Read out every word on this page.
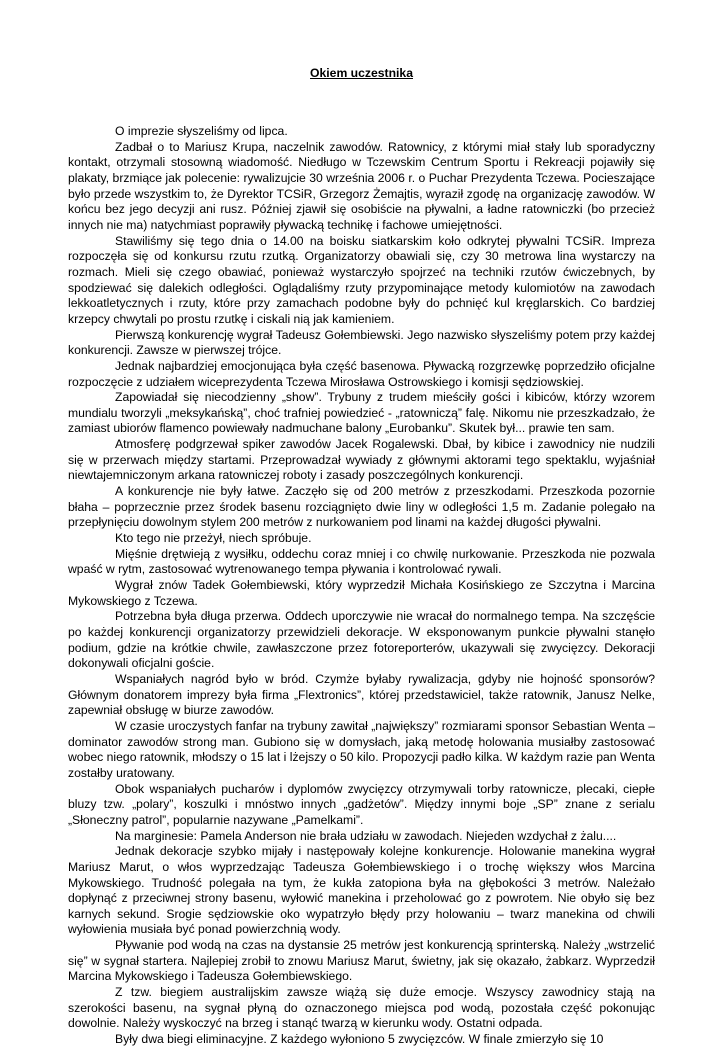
Okiem uczestnika

O imprezie słyszeliśmy od lipca.

Zadbał o to Mariusz Krupa, naczelnik zawodów. Ratownicy, z którymi miał stały lub sporadyczny kontakt, otrzymali stosowną wiadomość. Niedługo w Tczewskim Centrum Sportu i Rekreacji pojawiły się plakaty, brzmiące jak polecenie: rywalizujcie 30 września 2006 r. o Puchar Prezydenta Tczewa. Pocieszające było przede wszystkim to, że Dyrektor TCSiR, Grzegorz Żemajtis, wyraził zgodę na organizację zawodów. W końcu bez jego decyzji ani rusz. Później zjawił się osobiście na pływalni, a ładne ratowniczki (bo przecież innych nie ma) natychmiast poprawiły pływacką technikę i fachowe umiejętności.

Stawiliśmy się tego dnia o 14.00 na boisku siatkarskim koło odkrytej pływalni TCSiR. Impreza rozpoczęła się od konkursu rzutu rzutką. Organizatorzy obawiali się, czy 30 metrowa lina wystarczy na rozmach. Mieli się czego obawiać, ponieważ wystarczyło spojrzeć na techniki rzutów ćwiczebnych, by spodziewać się dalekich odległości. Oglądaliśmy rzuty przypominające metody kulomiotów na zawodach lekkoatletycznych i rzuty, które przy zamachach podobne były do pchnięć kul kręglarskich. Co bardziej krzepcy chwytali po prostu rzutkę i ciskali nią jak kamieniem.

Pierwszą konkurencję wygrał Tadeusz Gołembiewski. Jego nazwisko słyszeliśmy potem przy każdej konkurencji. Zawsze w pierwszej trójce.

Jednak najbardziej emocjonująca była część basenowa. Pływacką rozgrzewkę poprzedziło oficjalne rozpoczęcie z udziałem wiceprezydenta Tczewa Mirosława Ostrowskiego i komisji sędziowskiej.

Zapowiadał się niecodzienny „show”. Trybuny z trudem mieściły gości i kibiców, którzy wzorem mundialu tworzyli „meksykańską”, choć trafniej powiedzieć - „ratowniczą” falę. Nikomu nie przeszkadzało, że zamiast ubiorów flamenco powiewały nadmuchane balony „Eurobanku”. Skutek był... prawie ten sam.

Atmosferę podgrzewał spiker zawodów Jacek Rogalewski. Dbał, by kibice i zawodnicy nie nudzili się w przerwach między startami. Przeprowadzał wywiady z głównymi aktorami tego spektaklu, wyjaśniał niewtajemniczonym arkana ratowniczej roboty i zasady poszczególnych konkurencji.

A konkurencje nie były łatwe. Zaczęło się od 200 metrów z przeszkodami. Przeszkoda pozornie błaha – poprzecznie przez środek basenu rozciągnięto dwie liny w odległości 1,5 m. Zadanie polegało na przepłynięciu dowolnym stylem 200 metrów z nurkowaniem pod linami na każdej długości pływalni.

Kto tego nie przeżył, niech spróbuje.

Mięśnie drętwieją z wysiłku, oddechu coraz mniej i co chwilę nurkowanie. Przeszkoda nie pozwala wpaść w rytm, zastosować wytrenowanego tempa pływania i kontrolować rywali.

Wygrał znów Tadek Gołembiewski, który wyprzedził Michała Kosińskiego ze Szczytna i Marcina Mykowskiego z Tczewa.

Potrzebna była długa przerwa. Oddech uporczywie nie wracał do normalnego tempa. Na szczęście po każdej konkurencji organizatorzy przewidzieli dekoracje. W eksponowanym punkcie pływalni stanęło podium, gdzie na krótkie chwile, zawłaszczone przez fotoreporterów, ukazywali się zwycięzcy. Dekoracji dokonywali oficjalni goście.

Wspaniałych nagród było w bród. Czymże byłaby rywalizacja, gdyby nie hojność sponsorów? Głównym donatorem imprezy była firma „Flextronics”, której przedstawiciel, także ratownik, Janusz Nelke, zapewniał obsługę w biurze zawodów.

W czasie uroczystych fanfar na trybuny zawitał „największy” rozmiarami sponsor Sebastian Wenta – dominator zawodów strong man. Gubiono się w domysłach, jaką metodę holowania musiałby zastosować wobec niego ratownik, młodszy o 15 lat i lżejszy o 50 kilo. Propozycji padło kilka. W każdym razie pan Wenta zostałby uratowany.

Obok wspaniałych pucharów i dyplomów zwycięzcy otrzymywali torby ratownicze, plecaki, ciepłe bluzy tzw. „polary”, koszulki i mnóstwo innych „gadżetów”. Między innymi boje „SP” znane z serialu „Słoneczny patrol”, popularnie nazywane „Pamelkami”.

Na marginesie: Pamela Anderson nie brała udziału w zawodach. Niejeden wzdychał z żalu....

Jednak dekoracje szybko mijały i następowały kolejne konkurencje. Holowanie manekina wygrał Mariusz Marut, o włos wyprzedzając Tadeusza Gołembiewskiego i o trochę większy włos Marcina Mykowskiego. Trudność polegała na tym, że kukła zatopiona była na głębokości 3 metrów. Należało dopłynąć z przeciwnej strony basenu, wyłowić manekina i przeholować go z powrotem. Nie obyło się bez karnych sekund. Srogie sędziowskie oko wypatrzyło błędy przy holowaniu – twarz manekina od chwili wyłowienia musiała być ponad powierzchnią wody.

Pływanie pod wodą na czas na dystansie 25 metrów jest konkurencją sprinterską. Należy „wstrzelić się” w sygnał startera. Najlepiej zrobił to znowu Mariusz Marut, świetny, jak się okazało, żabkarz. Wyprzedził Marcina Mykowskiego i Tadeusza Gołembiewskiego.

Z tzw. biegiem australijskim zawsze wiążą się duże emocje. Wszyscy zawodnicy stają na szerokości basenu, na sygnał płyną do oznaczonego miejsca pod wodą, pozostała część pokonując dowolnie. Należy wyskoczyć na brzeg i stanąć twarzą w kierunku wody. Ostatni odpada.

Były dwa biegi eliminacyjne. Z każdego wyłoniono 5 zwycięzców. W finale zmierzyło się 10
